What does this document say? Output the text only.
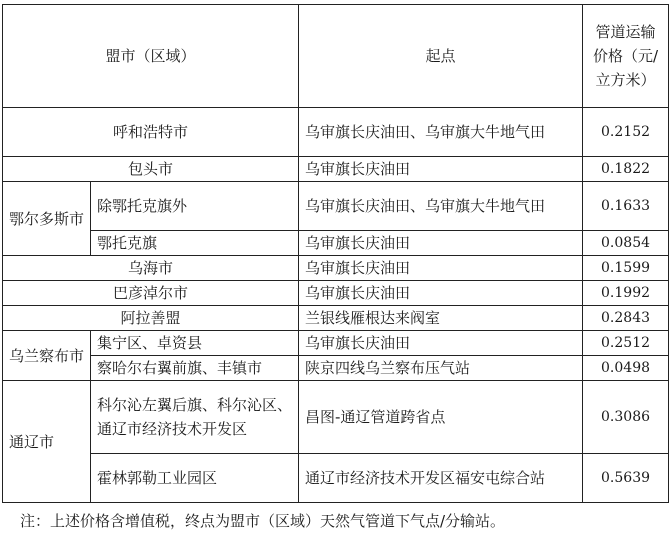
盟市（区域）		起点	管道运输价格（元/立方米）
呼和浩特市		乌审旗长庆油田、乌审旗大牛地气田	0.2152
包头市		乌审旗长庆油田	0.1822
鄂尔多斯市	除鄂托克旗外	乌审旗长庆油田、乌审旗大牛地气田	0.1633
	鄂托克旗	乌审旗长庆油田	0.0854
乌海市		乌审旗长庆油田	0.1599
巴彦淖尔市		乌审旗长庆油田	0.1992
阿拉善盟		兰银线雁根达来阀室	0.2843
乌兰察布市	集宁区、卓资县	乌审旗长庆油田	0.2512
	察哈尔右翼前旗、丰镇市	陕京四线乌兰察布压气站	0.0498
通辽市	科尔沁左翼后旗、科尔沁区、通辽市经济技术开发区	昌图-通辽管道跨省点	0.3086
	霍林郭勒工业园区	通辽市经济技术开发区福安屯综合站	0.5639
注：上述价格含增值税，终点为盟市（区域）天然气管道下气点/分输站。
